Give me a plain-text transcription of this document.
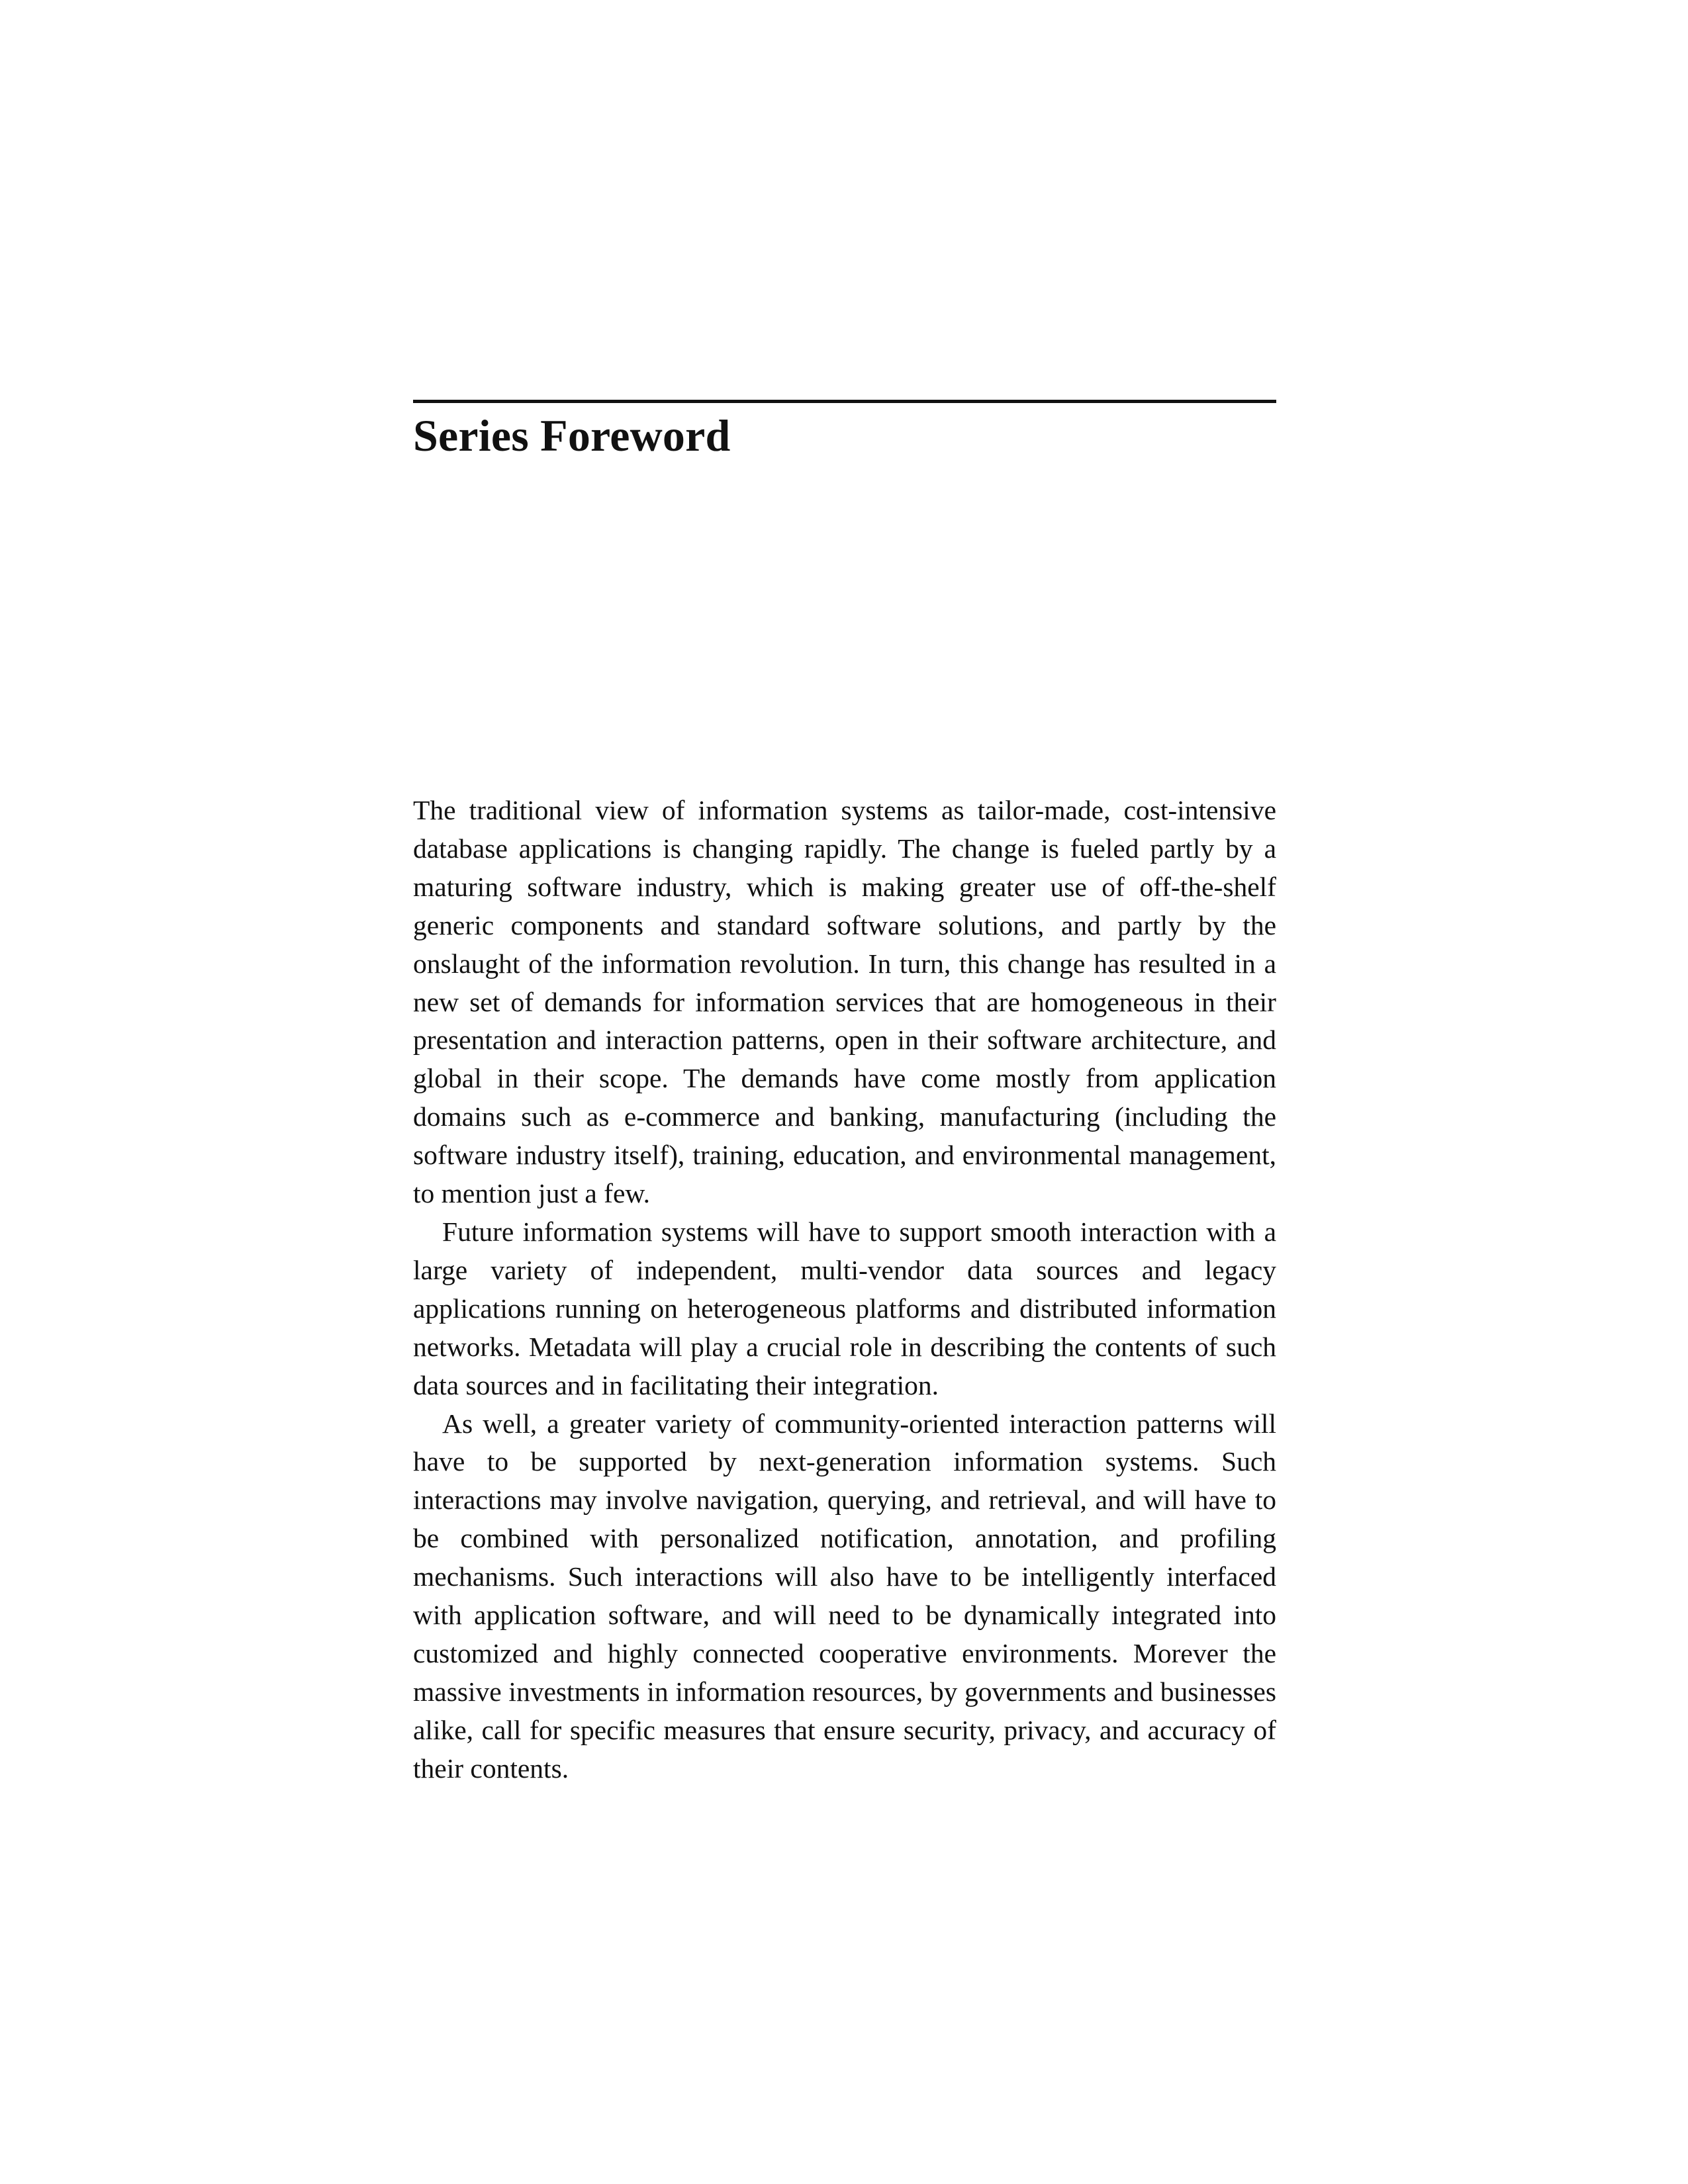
Series Foreword

The traditional view of information systems as tailor-made, cost-intensive database applications is changing rapidly. The change is fueled partly by a maturing software industry, which is making greater use of off-the-shelf generic components and standard software solutions, and partly by the onslaught of the information revolution. In turn, this change has resulted in a new set of demands for information services that are homogeneous in their presentation and interaction patterns, open in their software architecture, and global in their scope. The demands have come mostly from application domains such as e-commerce and banking, manufacturing (including the software industry itself), training, education, and environmental management, to mention just a few.

Future information systems will have to support smooth interaction with a large variety of independent, multi-vendor data sources and legacy applications running on heterogeneous platforms and distributed information networks. Metadata will play a crucial role in describing the contents of such data sources and in facilitating their integration.

As well, a greater variety of community-oriented interaction patterns will have to be supported by next-generation information systems. Such interactions may involve navigation, querying, and retrieval, and will have to be combined with personalized notification, annotation, and profiling mechanisms. Such interactions will also have to be intelligently interfaced with application software, and will need to be dynamically integrated into customized and highly connected cooperative environments. Morever the massive investments in information resources, by governments and businesses alike, call for specific measures that ensure security, privacy, and accuracy of their contents.
